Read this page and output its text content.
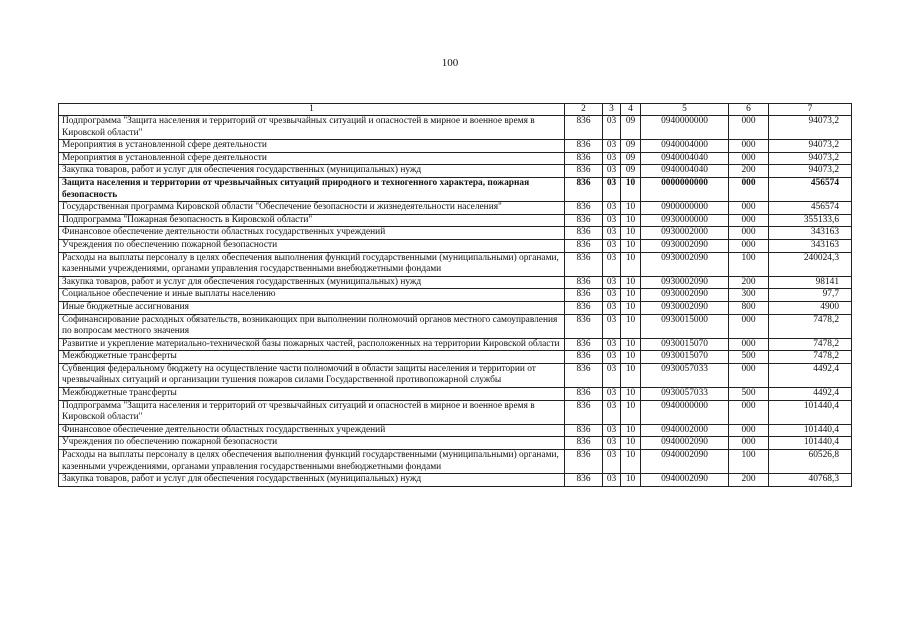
100
1	2	3	4	5	6	7
Подпрограмма "Защита населения и территорий от чрезвычайных ситуаций и опасностей в мирное и военное время в Кировской области"	836	03	09	0940000000	000	94073,2
Мероприятия в установленной сфере деятельности	836	03	09	0940004000	000	94073,2
Мероприятия в установленной сфере деятельности	836	03	09	0940004040	000	94073,2
Закупка товаров, работ и услуг для обеспечения государственных (муниципальных) нужд	836	03	09	0940004040	200	94073,2
Защита населения и территории от чрезвычайных ситуаций природного и техногенного характера, пожарная безопасность	836	03	10	0000000000	000	456574
Государственная программа Кировской области "Обеспечение безопасности и жизнедеятельности населения"	836	03	10	0900000000	000	456574
Подпрограмма "Пожарная безопасность в Кировской области"	836	03	10	0930000000	000	355133,6
Финансовое обеспечение деятельности областных государственных учреждений	836	03	10	0930002000	000	343163
Учреждения по обеспечению пожарной безопасности	836	03	10	0930002090	000	343163
Расходы на выплаты персоналу в целях обеспечения выполнения функций государственными (муниципальными) органами, казенными учреждениями, органами управления государственными внебюджетными фондами	836	03	10	0930002090	100	240024,3
Закупка товаров, работ и услуг для обеспечения государственных (муниципальных) нужд	836	03	10	0930002090	200	98141
Социальное обеспечение и иные выплаты населению	836	03	10	0930002090	300	97,7
Иные бюджетные ассигнования	836	03	10	0930002090	800	4900
Софинансирование расходных обязательств, возникающих при выполнении полномочий органов местного самоуправления по вопросам местного значения	836	03	10	0930015000	000	7478,2
Развитие и укрепление материально-технической базы пожарных частей, расположенных на территории Кировской области	836	03	10	0930015070	000	7478,2
Межбюджетные трансферты	836	03	10	0930015070	500	7478,2
Субвенция федеральному бюджету на осуществление части полномочий в области защиты населения и территории от чрезвычайных ситуаций и организации тушения пожаров силами Государственной противопожарной службы	836	03	10	0930057033	000	4492,4
Межбюджетные трансферты	836	03	10	0930057033	500	4492,4
Подпрограмма "Защита населения и территорий от чрезвычайных ситуаций и опасностей в мирное и военное время в Кировской области"	836	03	10	0940000000	000	101440,4
Финансовое обеспечение деятельности областных государственных учреждений	836	03	10	0940002000	000	101440,4
Учреждения по обеспечению пожарной безопасности	836	03	10	0940002090	000	101440,4
Расходы на выплаты персоналу в целях обеспечения выполнения функций государственными (муниципальными) органами, казенными учреждениями, органами управления государственными внебюджетными фондами	836	03	10	0940002090	100	60526,8
Закупка товаров, работ и услуг для обеспечения государственных (муниципальных) нужд	836	03	10	0940002090	200	40768,3
